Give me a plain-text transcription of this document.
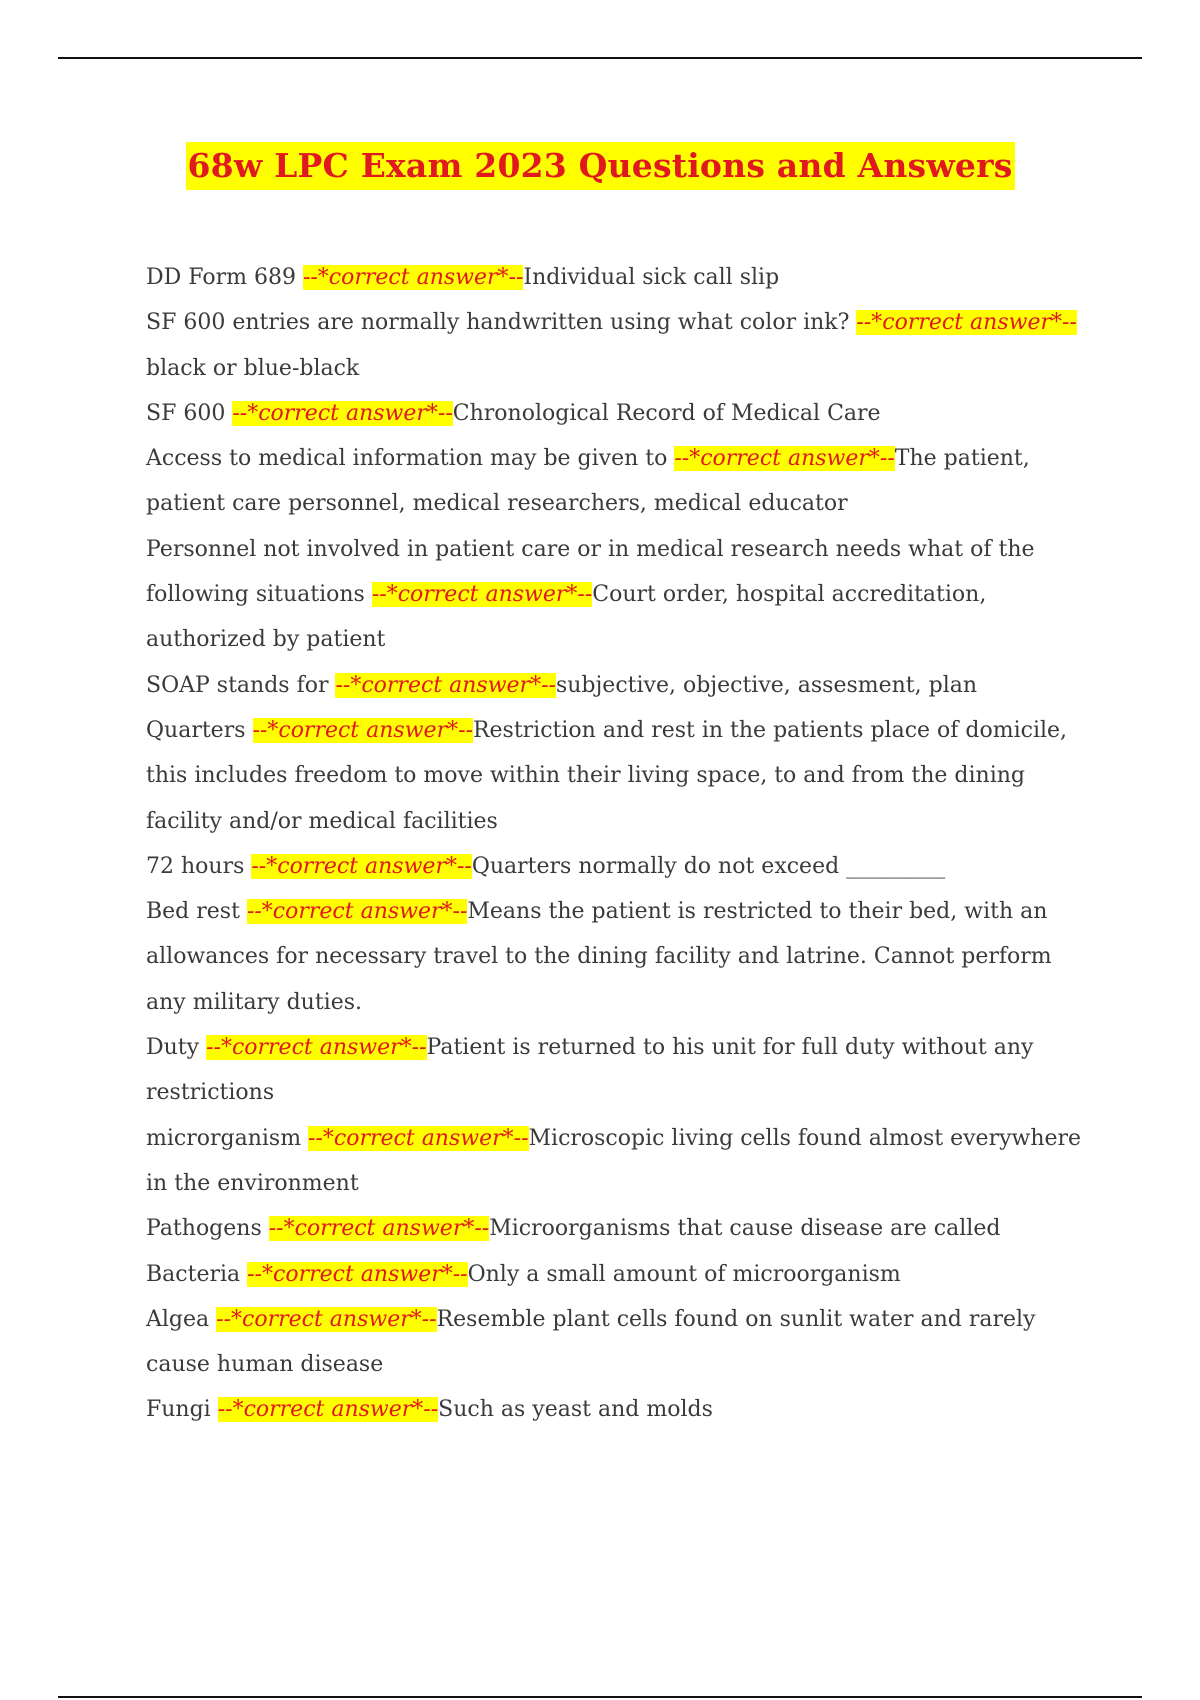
68w LPC Exam 2023 Questions and Answers
DD Form 689 --*correct answer*--Individual sick call slip
SF 600 entries are normally handwritten using what color ink? --*correct answer*--black or blue-black
SF 600 --*correct answer*--Chronological Record of Medical Care
Access to medical information may be given to --*correct answer*--The patient, patient care personnel, medical researchers, medical educator
Personnel not involved in patient care or in medical research needs what of the following situations --*correct answer*--Court order, hospital accreditation, authorized by patient
SOAP stands for --*correct answer*--subjective, objective, assesment, plan
Quarters --*correct answer*--Restriction and rest in the patients place of domicile, this includes freedom to move within their living space, to and from the dining facility and/or medical facilities
72 hours --*correct answer*--Quarters normally do not exceed _________
Bed rest --*correct answer*--Means the patient is restricted to their bed, with an allowances for necessary travel to the dining facility and latrine. Cannot perform any military duties.
Duty --*correct answer*--Patient is returned to his unit for full duty without any restrictions
microrganism --*correct answer*--Microscopic living cells found almost everywhere in the environment
Pathogens --*correct answer*--Microorganisms that cause disease are called
Bacteria --*correct answer*--Only a small amount of microorganism
Algea --*correct answer*--Resemble plant cells found on sunlit water and rarely cause human disease
Fungi --*correct answer*--Such as yeast and molds
